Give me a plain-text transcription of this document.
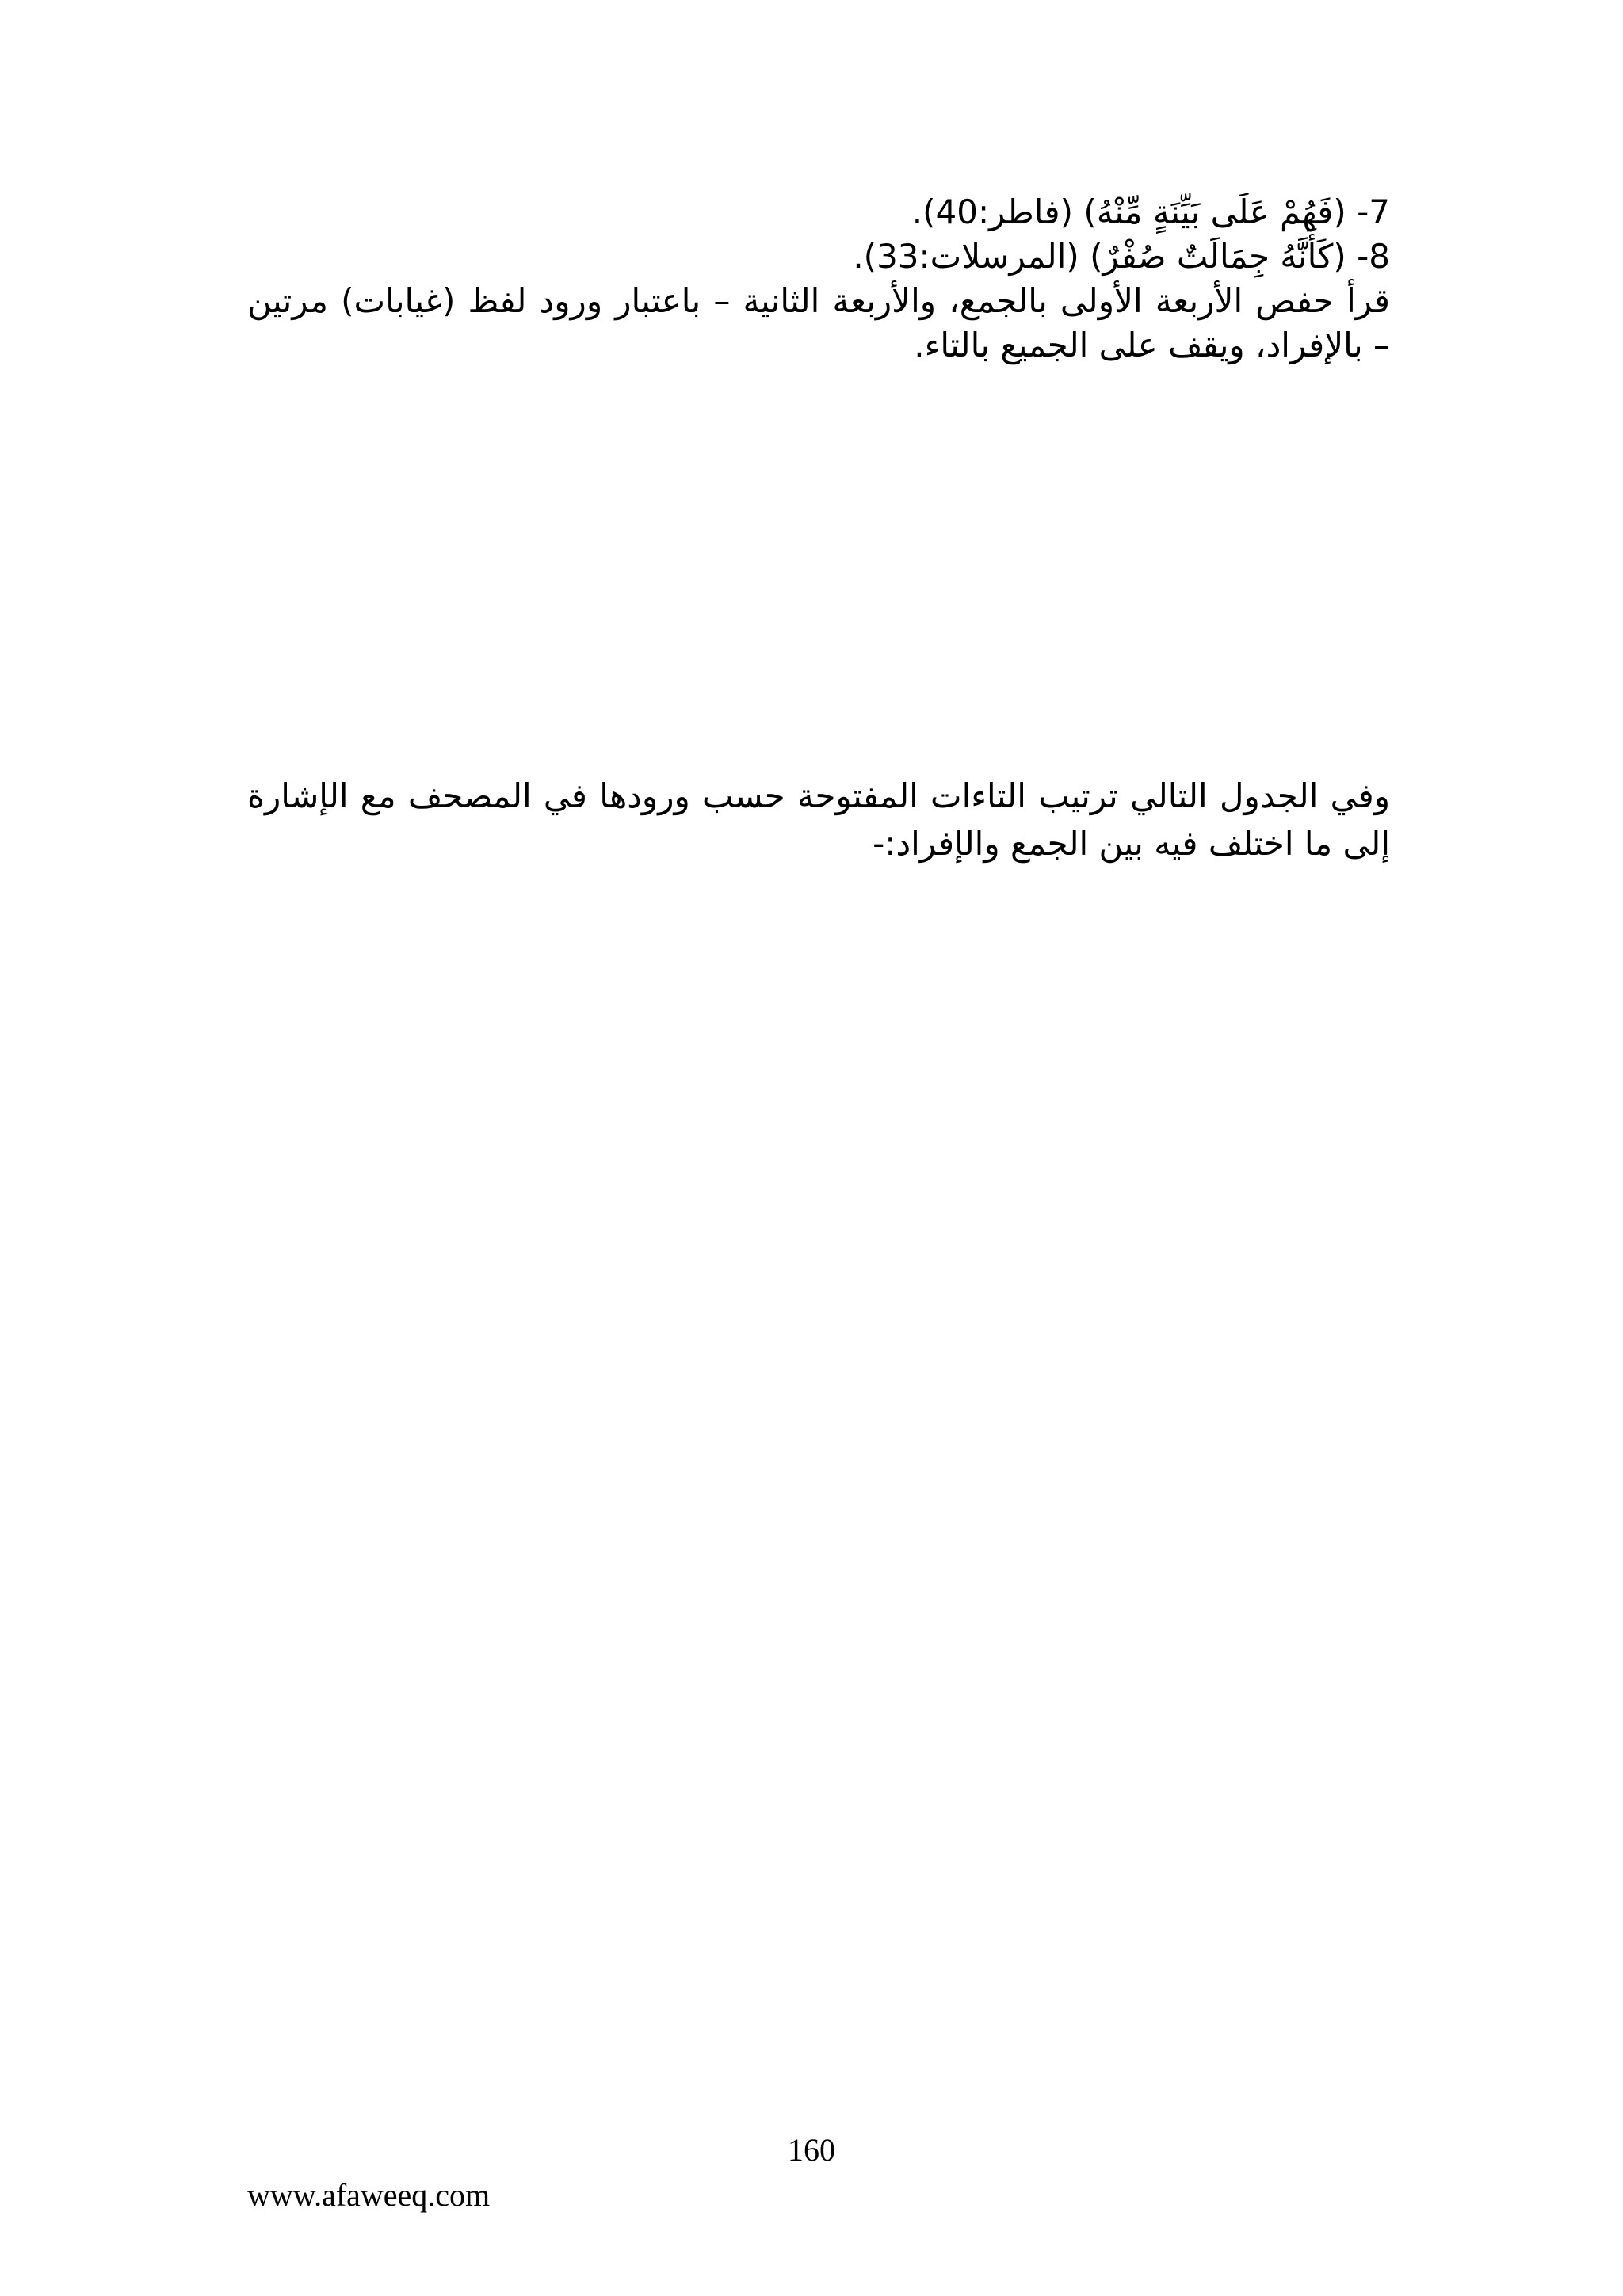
7- (فَهُمْ عَلَى بَيِّنَةٍ مِّنْهُ) (فاطر:40).
8- (كَأَنَّهُ جِمَالَتٌ صُفْرٌ) (المرسلات:33).
قرأ حفص الأربعة الأولى بالجمع، والأربعة الثانية – باعتبار ورود لفظ (غيابات) مرتين – بالإفراد، ويقف على الجميع بالتاء.
وفي الجدول التالي ترتيب التاءات المفتوحة حسب ورودها في المصحف مع الإشارة إلى ما اختلف فيه بين الجمع والإفراد:-
160
www.afaweeq.com
